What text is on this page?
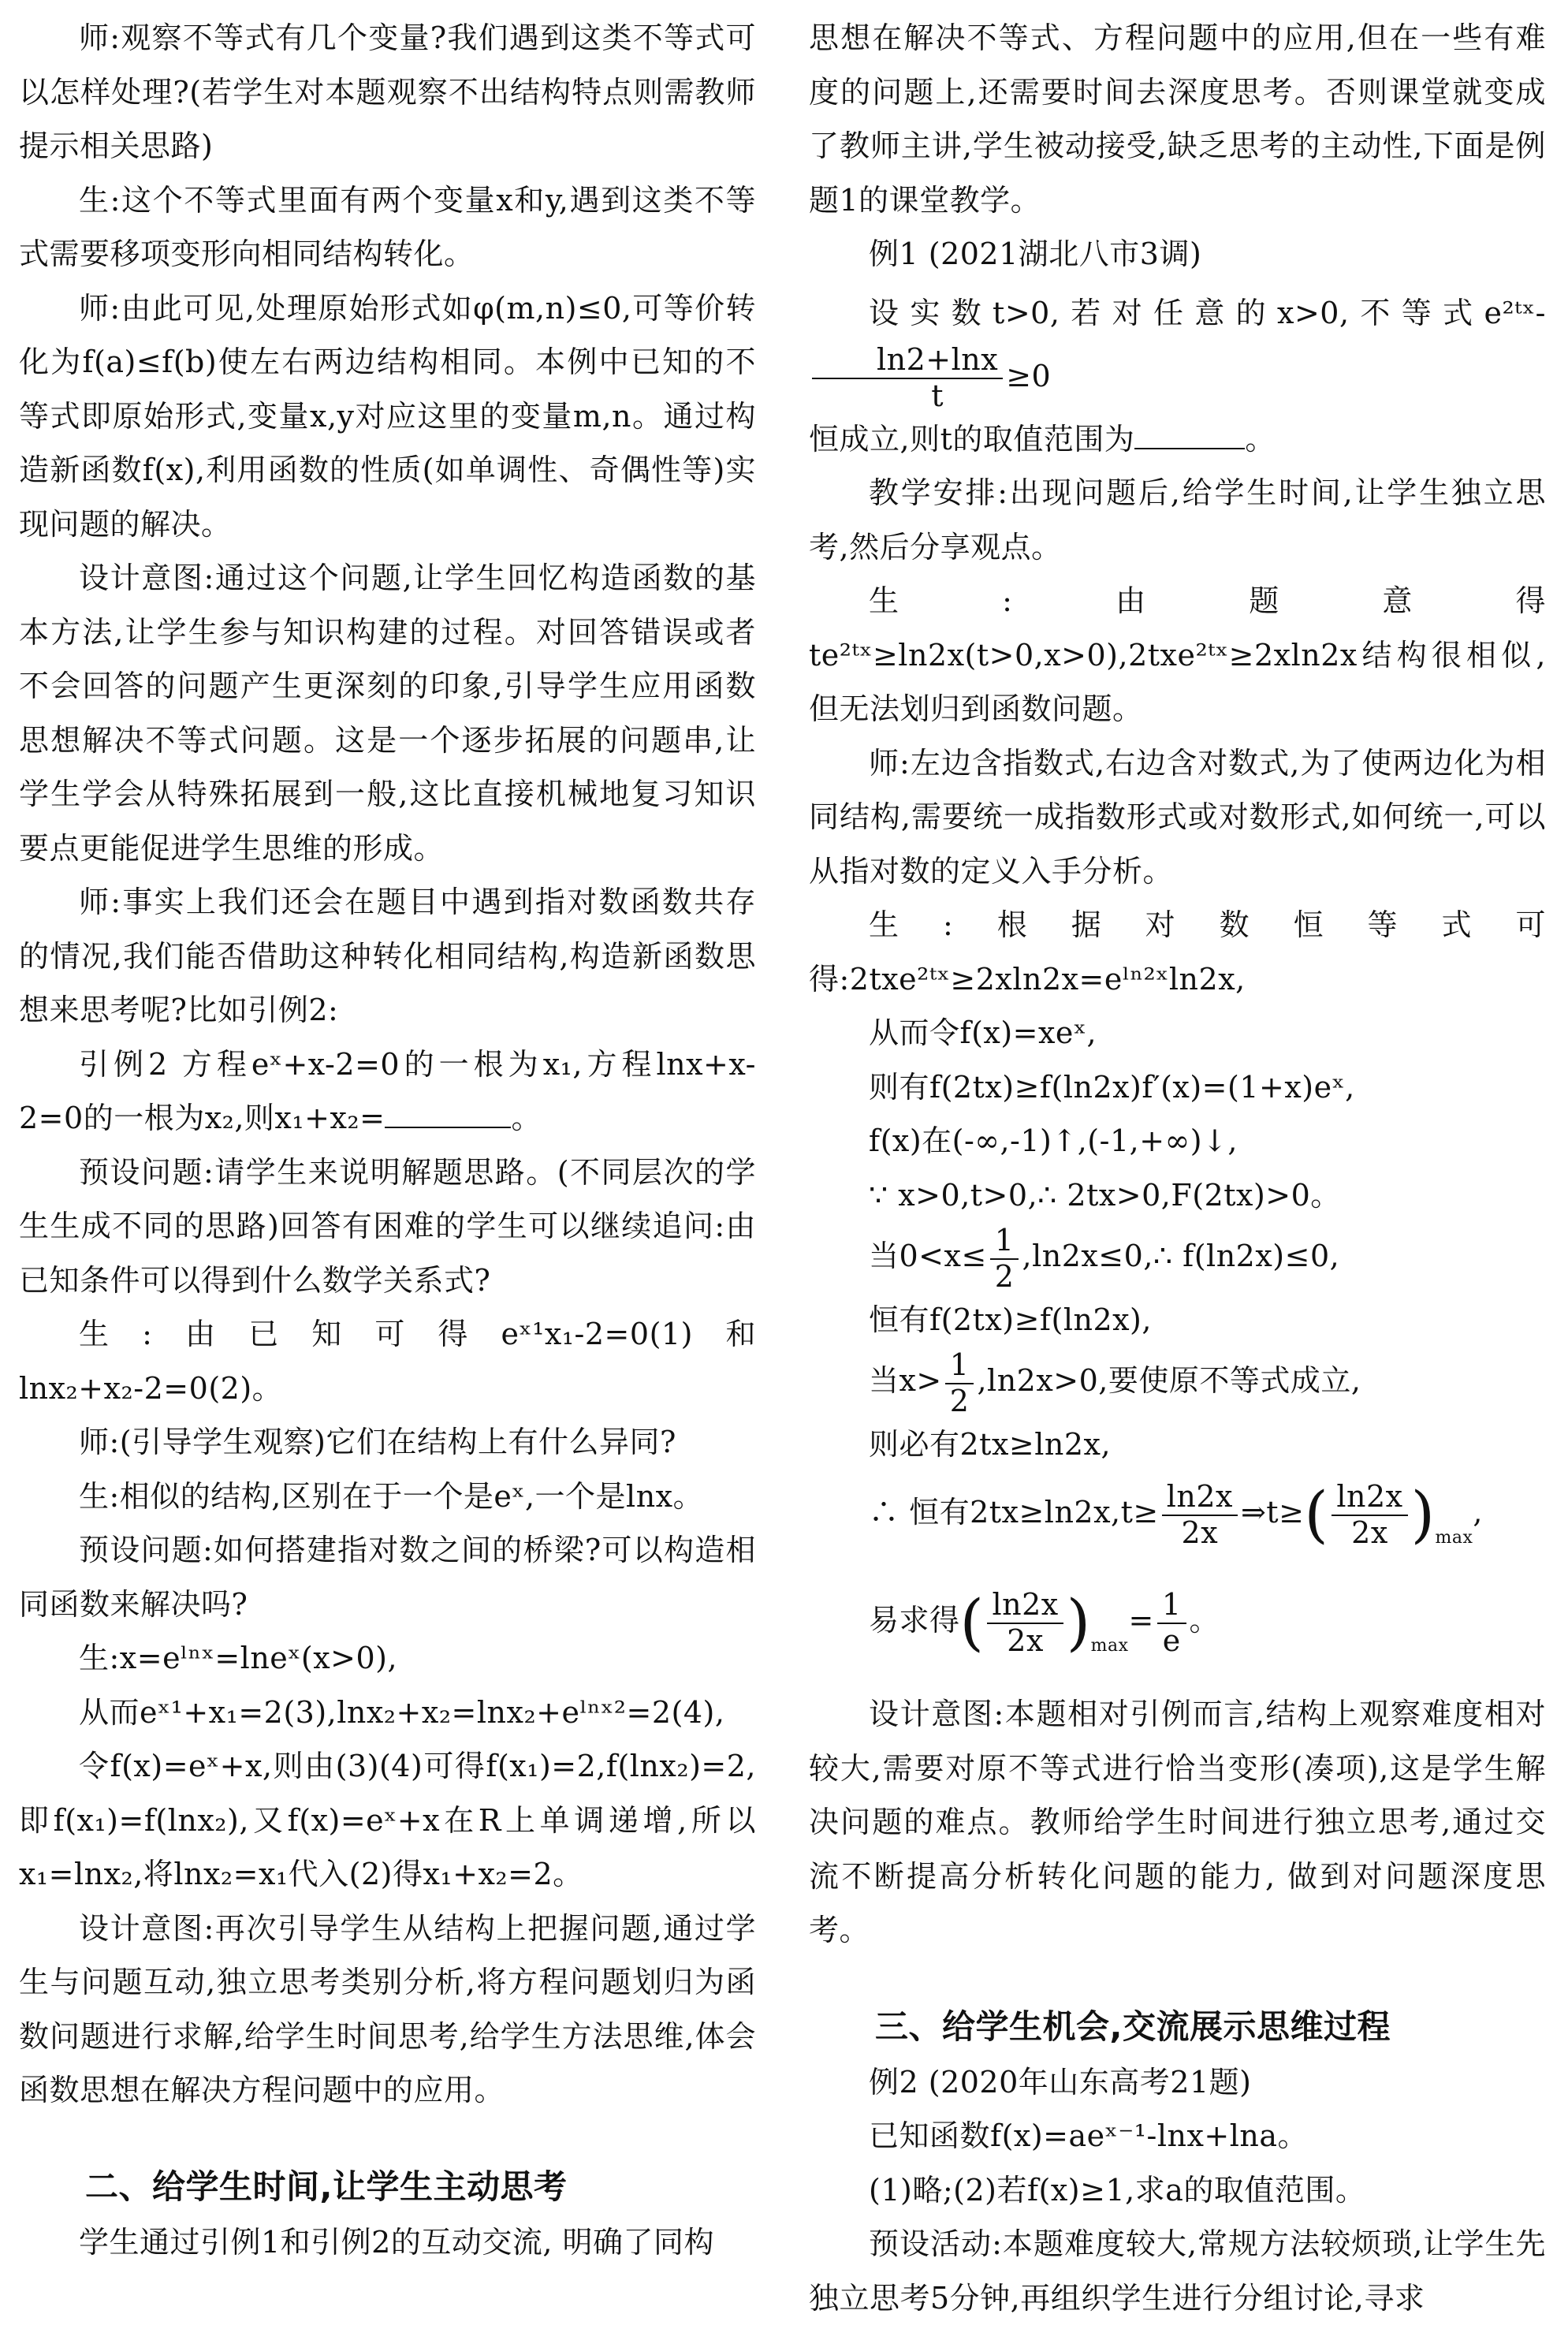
师:观察不等式有几个变量?我们遇到这类不等式可以怎样处理?(若学生对本题观察不出结构特点则需教师提示相关思路)

生:这个不等式里面有两个变量x和y,遇到这类不等式需要移项变形向相同结构转化。

师:由此可见,处理原始形式如φ(m,n)≤0,可等价转化为f(a)≤f(b)使左右两边结构相同。本例中已知的不等式即原始形式,变量x,y对应这里的变量m,n。通过构造新函数f(x),利用函数的性质(如单调性、奇偶性等)实现问题的解决。

设计意图:通过这个问题,让学生回忆构造函数的基本方法,让学生参与知识构建的过程。对回答错误或者不会回答的问题产生更深刻的印象,引导学生应用函数思想解决不等式问题。这是一个逐步拓展的问题串,让学生学会从特殊拓展到一般,这比直接机械地复习知识要点更能促进学生思维的形成。

师:事实上我们还会在题目中遇到指对数函数共存的情况,我们能否借助这种转化相同结构,构造新函数思想来思考呢?比如引例2:

引例2 方程eˣ+x-2=0的一根为x₁,方程lnx+x-2=0的一根为x₂,则x₁+x₂=	。

预设问题:请学生来说明解题思路。(不同层次的学生生成不同的思路)回答有困难的学生可以继续追问:由已知条件可以得到什么数学关系式?

生:由已知可得eˣ¹x₁-2=0(1)和lnx₂+x₂-2=0(2)。

师:(引导学生观察)它们在结构上有什么异同?

生:相似的结构,区别在于一个是eˣ,一个是lnx。

预设问题:如何搭建指对数之间的桥梁?可以构造相同函数来解决吗?

生:x=eˡⁿˣ=lneˣ(x>0),

从而eˣ¹+x₁=2(3),lnx₂+x₂=lnx₂+eˡⁿˣ²=2(4),

令f(x)=eˣ+x,则由(3)(4)可得f(x₁)=2,f(lnx₂)=2,即f(x₁)=f(lnx₂),又f(x)=eˣ+x在R上单调递增,所以x₁=lnx₂,将lnx₂=x₁代入(2)得x₁+x₂=2。

设计意图:再次引导学生从结构上把握问题,通过学生与问题互动,独立思考类别分析,将方程问题划归为函数问题进行求解,给学生时间思考,给学生方法思维,体会函数思想在解决方程问题中的应用。

二、给学生时间,让学生主动思考

学生通过引例1和引例2的互动交流, 明确了同构

思想在解决不等式、方程问题中的应用,但在一些有难度的问题上,还需要时间去深度思考。否则课堂就变成了教师主讲,学生被动接受,缺乏思考的主动性,下面是例题1的课堂教学。

例1 (2021湖北八市3调)

设实数t>0,若对任意的x>0,不等式e²ᵗˣ-
$\frac{\ln 2+\ln x}{t} \ge 0$

恒成立,则t的取值范围为	。

教学安排:出现问题后,给学生时间,让学生独立思考,然后分享观点。

生:由题意得te²ᵗˣ≥ln2x(t>0,x>0),2txe²ᵗˣ≥2xln2x结构很相似,但无法划归到函数问题。

师:左边含指数式,右边含对数式,为了使两边化为相同结构,需要统一成指数形式或对数形式,如何统一,可以从指对数的定义入手分析。

生:根据对数恒等式可得:2txe²ᵗˣ≥2xln2x=eˡⁿ²ˣln2x,

从而令f(x)=xeˣ,

则有f(2tx)≥f(ln2x)f′(x)=(1+x)eˣ,

f(x)在(-∞,-1)↑,(-1,+∞)↓,

∵ x>0,t>0,∴ 2tx>0,F(2tx)>0。

当$0<x\le \frac{1}{2}$ ,ln2x≤0,∴ f(ln2x)≤0,

恒有f(2tx)≥f(ln2x),

当$x> \frac{1}{2} ,\ln 2x>0$,要使原不等式成立,

则必有2tx≥ln2x,

∴ 恒有$2tx\ge\ln 2x,t\ge \frac{\ln 2x}{2x}$ ⇒t≥( $\frac{\ln 2x}{2x} )_{max}$,

易求得( $\frac{\ln 2x}{2x} )_{max}= \frac{1}{e}$ 。

设计意图:本题相对引例而言,结构上观察难度相对较大,需要对原不等式进行恰当变形(凑项),这是学生解决问题的难点。教师给学生时间进行独立思考,通过交流不断提高分析转化问题的能力, 做到对问题深度思考。

三、给学生机会,交流展示思维过程

例2 (2020年山东高考21题)

已知函数f(x)=aeˣ⁻¹-lnx+lna。

(1)略;(2)若f(x)≥1,求a的取值范围。

预设活动:本题难度较大,常规方法较烦琐,让学生先独立思考5分钟,再组织学生进行分组讨论,寻求
